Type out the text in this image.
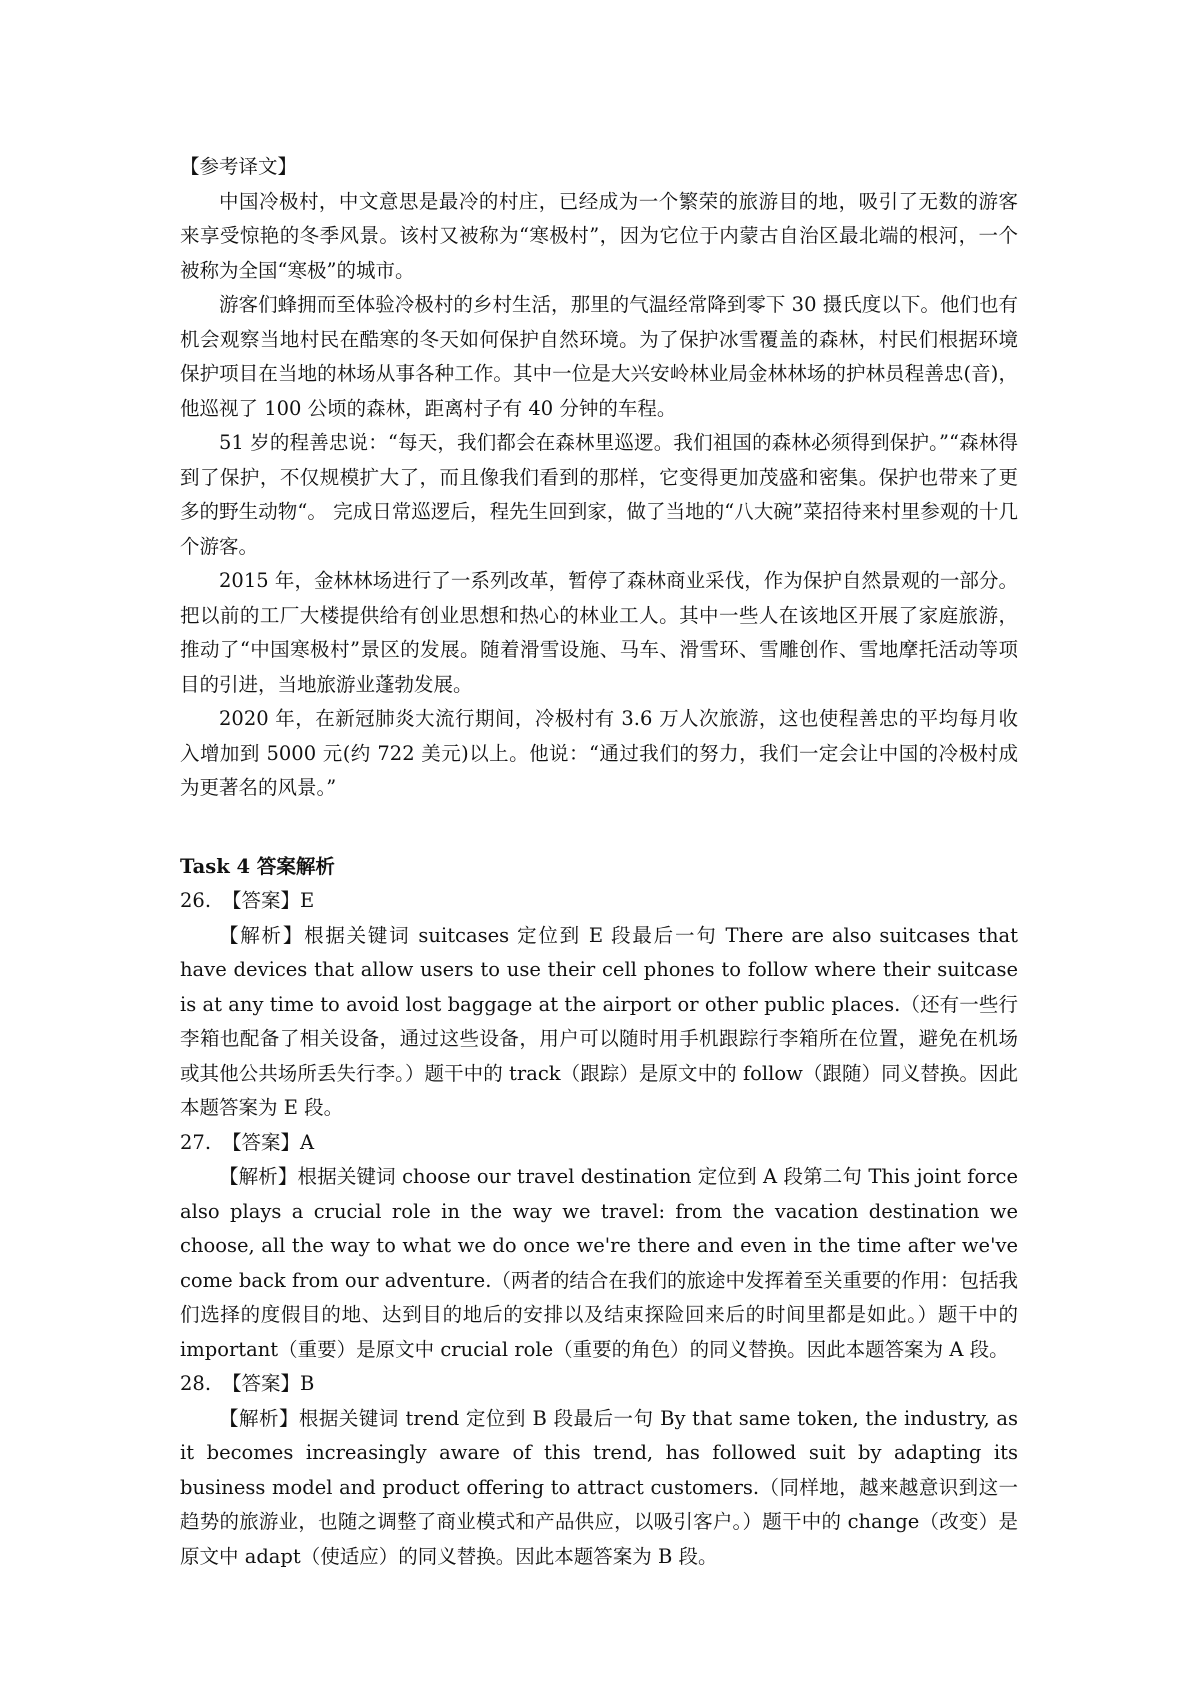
【参考译文】

中国冷极村，中文意思是最冷的村庄，已经成为一个繁荣的旅游目的地，吸引了无数的游客来享受惊艳的冬季风景。该村又被称为“寒极村”，因为它位于内蒙古自治区最北端的根河，一个被称为全国“寒极”的城市。

游客们蜂拥而至体验冷极村的乡村生活，那里的气温经常降到零下 30 摄氏度以下。他们也有机会观察当地村民在酷寒的冬天如何保护自然环境。为了保护冰雪覆盖的森林，村民们根据环境保护项目在当地的林场从事各种工作。其中一位是大兴安岭林业局金林林场的护林员程善忠(音)，他巡视了 100 公顷的森林，距离村子有 40 分钟的车程。

51 岁的程善忠说：“每天，我们都会在森林里巡逻。我们祖国的森林必须得到保护。”“森林得到了保护，不仅规模扩大了，而且像我们看到的那样，它变得更加茂盛和密集。保护也带来了更多的野生动物“。 完成日常巡逻后，程先生回到家，做了当地的“八大碗”菜招待来村里参观的十几个游客。

2015 年，金林林场进行了一系列改革，暂停了森林商业采伐，作为保护自然景观的一部分。把以前的工厂大楼提供给有创业思想和热心的林业工人。其中一些人在该地区开展了家庭旅游，推动了“中国寒极村”景区的发展。随着滑雪设施、马车、滑雪环、雪雕创作、雪地摩托活动等项目的引进，当地旅游业蓬勃发展。

2020 年，在新冠肺炎大流行期间，冷极村有 3.6 万人次旅游，这也使程善忠的平均每月收入增加到 5000 元(约 722 美元)以上。他说：“通过我们的努力，我们一定会让中国的冷极村成为更著名的风景。”

Task 4 答案解析

26. 【答案】E

【解析】根据关键词 suitcases 定位到 E 段最后一句 There are also suitcases that have devices that allow users to use their cell phones to follow where their suitcase is at any time to avoid lost baggage at the airport or other public places.（还有一些行李箱也配备了相关设备，通过这些设备，用户可以随时用手机跟踪行李箱所在位置，避免在机场或其他公共场所丢失行李。）题干中的 track（跟踪）是原文中的 follow（跟随）同义替换。因此本题答案为 E 段。

27. 【答案】A

【解析】根据关键词 choose our travel destination 定位到 A 段第二句 This joint force also plays a crucial role in the way we travel: from the vacation destination we choose, all the way to what we do once we're there and even in the time after we've come back from our adventure.（两者的结合在我们的旅途中发挥着至关重要的作用：包括我们选择的度假目的地、达到目的地后的安排以及结束探险回来后的时间里都是如此。）题干中的 important（重要）是原文中 crucial role（重要的角色）的同义替换。因此本题答案为 A 段。

28. 【答案】B

【解析】根据关键词 trend 定位到 B 段最后一句 By that same token, the industry, as it becomes increasingly aware of this trend, has followed suit by adapting its business model and product offering to attract customers.（同样地，越来越意识到这一趋势的旅游业，也随之调整了商业模式和产品供应，以吸引客户。）题干中的 change（改变）是原文中 adapt（使适应）的同义替换。因此本题答案为 B 段。
